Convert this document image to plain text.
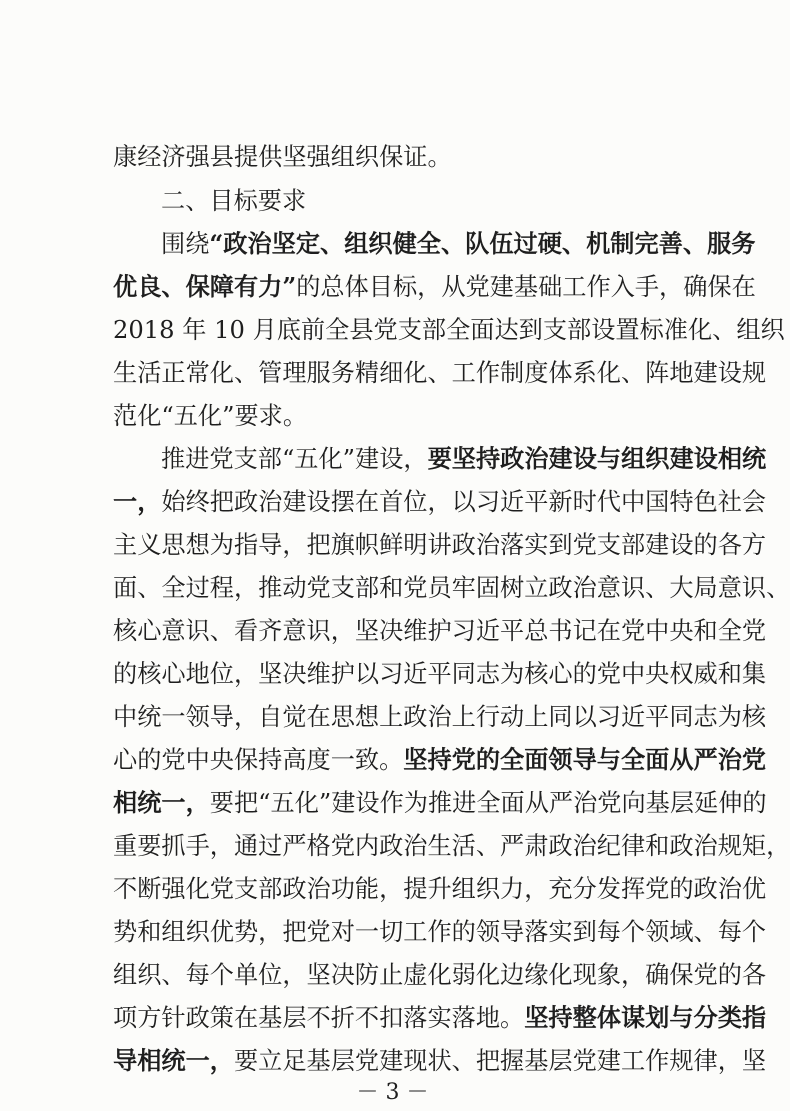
康经济强县提供坚强组织保证。
二、目标要求
围绕“政治坚定、组织健全、队伍过硬、机制完善、服务
优良、保障有力”的总体目标，从党建基础工作入手，确保在
2018 年 10 月底前全县党支部全面达到支部设置标准化、组织
生活正常化、管理服务精细化、工作制度体系化、阵地建设规
范化“五化”要求。
推进党支部“五化”建设，要坚持政治建设与组织建设相统
一，始终把政治建设摆在首位，以习近平新时代中国特色社会
主义思想为指导，把旗帜鲜明讲政治落实到党支部建设的各方
面、全过程，推动党支部和党员牢固树立政治意识、大局意识、
核心意识、看齐意识，坚决维护习近平总书记在党中央和全党
的核心地位，坚决维护以习近平同志为核心的党中央权威和集
中统一领导，自觉在思想上政治上行动上同以习近平同志为核
心的党中央保持高度一致。坚持党的全面领导与全面从严治党
相统一，要把“五化”建设作为推进全面从严治党向基层延伸的
重要抓手，通过严格党内政治生活、严肃政治纪律和政治规矩，
不断强化党支部政治功能，提升组织力，充分发挥党的政治优
势和组织优势，把党对一切工作的领导落实到每个领域、每个
组织、每个单位，坚决防止虚化弱化边缘化现象，确保党的各
项方针政策在基层不折不扣落实落地。坚持整体谋划与分类指
导相统一，要立足基层党建现状、把握基层党建工作规律，坚
－ 3 －
